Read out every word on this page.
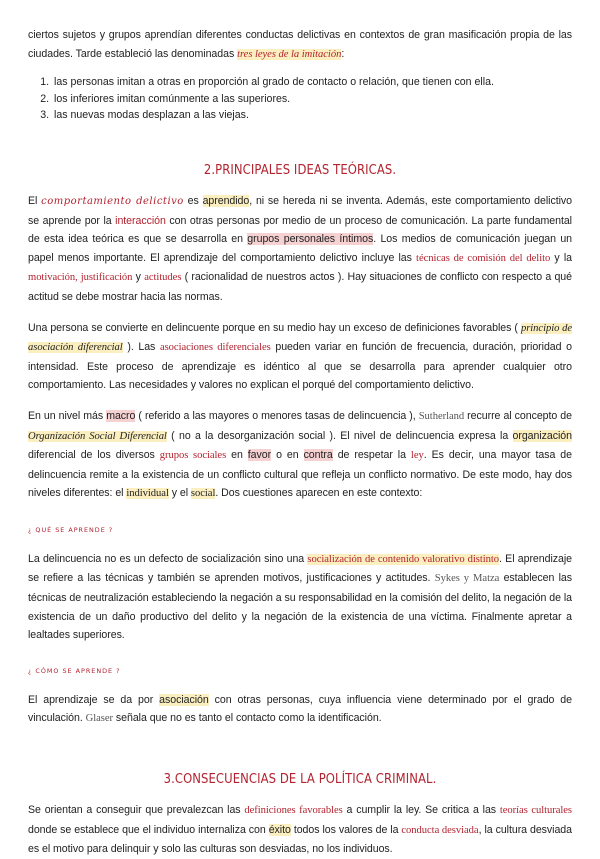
ciertos sujetos y grupos aprendían diferentes conductas delictivas en contextos de gran masificación propia de las ciudades. Tarde estableció las denominadas tres leyes de la imitación:

1. las personas imitan a otras en proporción al grado de contacto o relación, que tienen con ella.
2. los inferiores imitan comúnmente a las superiores.
3. las nuevas modas desplazan a las viejas.
2.PRINCIPALES IDEAS TEÓRICAS.

El comportamiento delictivo es aprendido, ni se hereda ni se inventa. Además, este comportamiento delictivo se aprende por la interacción con otras personas por medio de un proceso de comunicación. La parte fundamental de esta idea teórica es que se desarrolla en grupos personales íntimos. Los medios de comunicación juegan un papel menos importante. El aprendizaje del comportamiento delictivo incluye las técnicas de comisión del delito y la motivación, justificación y actitudes ( racionalidad de nuestros actos ). Hay situaciones de conflicto con respecto a qué actitud se debe mostrar hacia las normas.

Una persona se convierte en delincuente porque en su medio hay un exceso de definiciones favorables ( principio de asociación diferencial ). Las asociaciones diferenciales pueden variar en función de frecuencia, duración, prioridad o intensidad. Este proceso de aprendizaje es idéntico al que se desarrolla para aprender cualquier otro comportamiento. Las necesidades y valores no explican el porqué del comportamiento delictivo.

En un nivel más macro ( referido a las mayores o menores tasas de delincuencia ), Sutherland recurre al concepto de Organización Social Diferencial ( no a la desorganización social ). El nivel de delincuencia expresa la organización diferencial de los diversos grupos sociales en favor o en contra de respetar la ley. Es decir, una mayor tasa de delincuencia remite a la existencia de un conflicto cultural que refleja un conflicto normativo. De este modo, hay dos niveles diferentes: el individual y el social. Dos cuestiones aparecen en este contexto:

¿ QUÉ SE APRENDE ?

La delincuencia no es un defecto de socialización sino una socialización de contenido valorativo distinto. El aprendizaje se refiere a las técnicas y también se aprenden motivos, justificaciones y actitudes. Sykes y Matza establecen las técnicas de neutralización estableciendo la negación a su responsabilidad en la comisión del delito, la negación de la existencia de un daño productivo del delito y la negación de la existencia de una víctima. Finalmente apretar a lealtades superiores.

¿ CÓMO SE APRENDE ?

El aprendizaje se da por asociación con otras personas, cuya influencia viene determinado por el grado de vinculación. Glaser señala que no es tanto el contacto como la identificación.

3.CONSECUENCIAS DE LA POLÍTICA CRIMINAL.

Se orientan a conseguir que prevalezcan las definiciones favorables a cumplir la ley. Se critica a las teorías culturales donde se establece que el individuo internaliza con éxito todos los valores de la conducta desviada, la cultura desviada es el motivo para delinquir y solo las culturas son desviadas, no los individuos.
